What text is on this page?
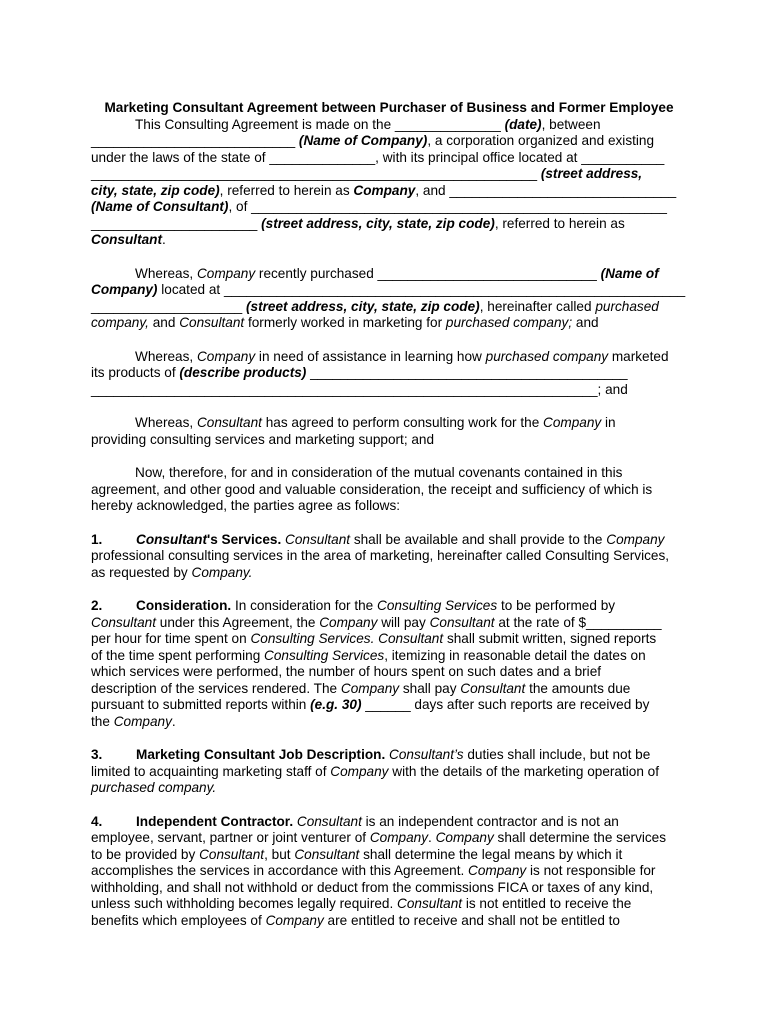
Marketing Consultant Agreement between Purchaser of Business and Former Employee
This Consulting Agreement is made on the ______________ (date), between
___________________________ (Name of Company), a corporation organized and existing
under the laws of the state of ______________, with its principal office located at ___________
___________________________________________________________ (street address,
city, state, zip code), referred to herein as Company, and ______________________________
(Name of Consultant), of _______________________________________________________
______________________ (street address, city, state, zip code), referred to herein as
Consultant.
Whereas, Company recently purchased _____________________________ (Name of
Company) located at _____________________________________________________________
____________________ (street address, city, state, zip code), hereinafter called purchased
company, and Consultant formerly worked in marketing for purchased company; and
Whereas, Company in need of assistance in learning how purchased company marketed
its products of (describe products) __________________________________________
___________________________________________________________________; and
Whereas, Consultant has agreed to perform consulting work for the Company in
providing consulting services and marketing support; and
Now, therefore, for and in consideration of the mutual covenants contained in this
agreement, and other good and valuable consideration, the receipt and sufficiency of which is
hereby acknowledged, the parties agree as follows:
1. Consultant's Services. Consultant shall be available and shall provide to the Company
professional consulting services in the area of marketing, hereinafter called Consulting Services,
as requested by Company.
2. Consideration. In consideration for the Consulting Services to be performed by
Consultant under this Agreement, the Company will pay Consultant at the rate of $__________
per hour for time spent on Consulting Services. Consultant shall submit written, signed reports
of the time spent performing Consulting Services, itemizing in reasonable detail the dates on
which services were performed, the number of hours spent on such dates and a brief
description of the services rendered. The Company shall pay Consultant the amounts due
pursuant to submitted reports within (e.g. 30) ______ days after such reports are received by
the Company.
3. Marketing Consultant Job Description. Consultant’s duties shall include, but not be
limited to acquainting marketing staff of Company with the details of the marketing operation of
purchased company.
4. Independent Contractor. Consultant is an independent contractor and is not an
employee, servant, partner or joint venturer of Company. Company shall determine the services
to be provided by Consultant, but Consultant shall determine the legal means by which it
accomplishes the services in accordance with this Agreement. Company is not responsible for
withholding, and shall not withhold or deduct from the commissions FICA or taxes of any kind,
unless such withholding becomes legally required. Consultant is not entitled to receive the
benefits which employees of Company are entitled to receive and shall not be entitled to
